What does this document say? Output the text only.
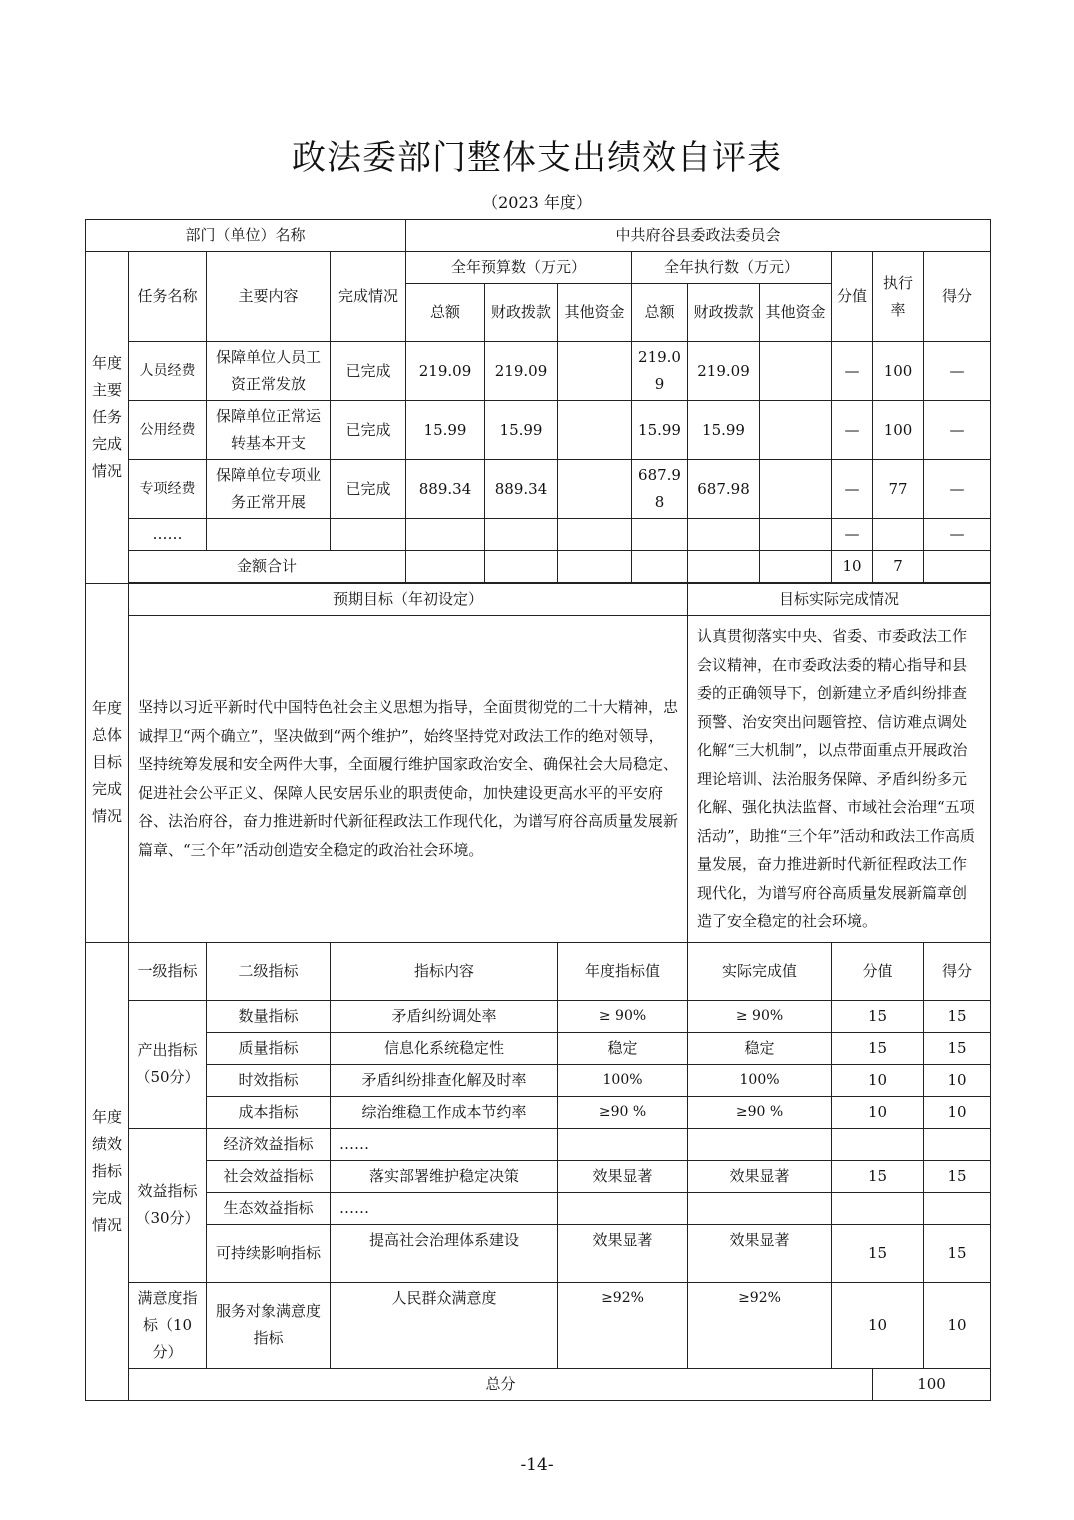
政法委部门整体支出绩效自评表
（2023 年度）
部门（单位）名称				中共府谷县委政法委员会									
年度主要任务完成情况	任务名称	主要内容	完成情况	全年预算数（万元）			全年执行数（万元）			分值	执行率	得分	
				总额	财政拨款	其他资金	总额	财政拨款	其他资金				
	人员经费	保障单位人员工资正常发放	已完成	219.09	219.09		219.09	219.09		—	100	—	
	公用经费	保障单位正常运转基本开支	已完成	15.99	15.99		15.99	15.99		—	100	—	
	专项经费	保障单位专项业务正常开展	已完成	889.34	889.34		687.98	687.98		—	77	—	
	……									—		—	
	金额合计									10	7		

年度总体目标完成情况	预期目标（年初设定）							目标实际完成情况					
	坚持以习近平新时代中国特色社会主义思想为指导，全面贯彻党的二十大精神，忠诚捍卫“两个确立”，坚决做到“两个维护”，始终坚持党对政法工作的绝对领导，坚持统筹发展和安全两件大事，全面履行维护国家政治安全、确保社会大局稳定、促进社会公平正义、保障人民安居乐业的职责使命，加快建设更高水平的平安府谷、法治府谷，奋力推进新时代新征程政法工作现代化，为谱写府谷高质量发展新篇章、“三个年”活动创造安全稳定的政治社会环境。							认真贯彻落实中央、省委、市委政法工作会议精神，在市委政法委的精心指导和县委的正确领导下，创新建立矛盾纠纷排查预警、治安突出问题管控、信访难点调处化解“三大机制”，以点带面重点开展政治理论培训、法治服务保障、矛盾纠纷多元化解、强化执法监督、市域社会治理“五项活动”，助推“三个年”活动和政法工作高质量发展，奋力推进新时代新征程政法工作现代化，为谱写府谷高质量发展新篇章创造了安全稳定的社会环境。					
年度绩效指标完成情况	一级指标	二级指标	指标内容			年度指标值		实际完成值		分值		得分	
	产出指标（50分）	数量指标	矛盾纠纷调处率			≥ 90%		≥ 90%		15		15	
		质量指标	信息化系统稳定性			稳定		稳定		15		15	
		时效指标	矛盾纠纷排查化解及时率			100%		100%		10		10	
		成本指标	综治维稳工作成本节约率			≥90 %		≥90 %		10		10	
	效益指标（30分）	经济效益指标	……										
		社会效益指标	落实部署维护稳定决策			效果显著		效果显著		15		15	
		生态效益指标	……										
		可持续影响指标	提高社会治理体系建设			效果显著		效果显著		15		15	
	满意度指标（10分）	服务对象满意度指标	人民群众满意度			≥92%		≥92%		10		10	
	总分										100	
-14-
